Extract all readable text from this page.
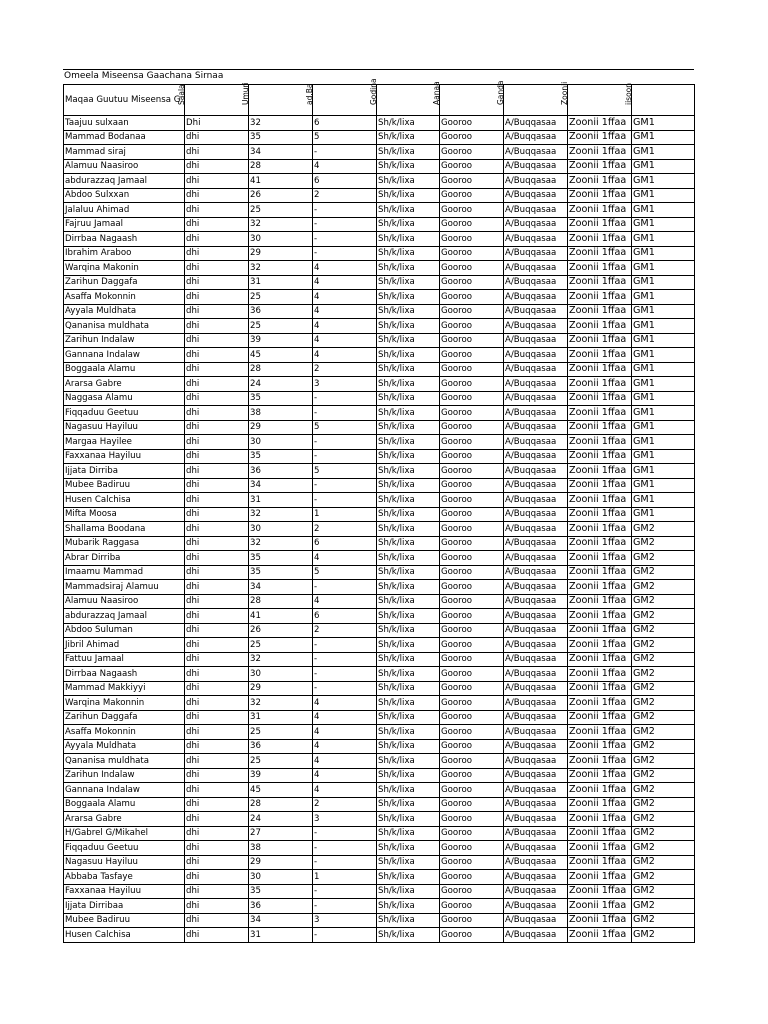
Omeela Miseensa Gaachana Sirnaa
Maqaa Guutuu Miseensa G	Saala	Umuri	ad.Ba	Godina	Aanaa	Ganda	Zoonii	iisoon

Taajuu sulxaan	Dhi	32	6	Sh/k/lixa	Gooroo	A/Buqqasaa	Zoonii 1ffaa	GM1
Mammad Bodanaa	dhi	35	5	Sh/k/lixa	Gooroo	A/Buqqasaa	Zoonii 1ffaa	GM1
Mammad siraj	dhi	34	-	Sh/k/lixa	Gooroo	A/Buqqasaa	Zoonii 1ffaa	GM1
Alamuu Naasiroo	dhi	28	4	Sh/k/lixa	Gooroo	A/Buqqasaa	Zoonii 1ffaa	GM1
abdurazzaq Jamaal	dhi	41	6	Sh/k/lixa	Gooroo	A/Buqqasaa	Zoonii 1ffaa	GM1
Abdoo Sulxxan	dhi	26	2	Sh/k/lixa	Gooroo	A/Buqqasaa	Zoonii 1ffaa	GM1
Jalaluu Ahimad	dhi	25	-	Sh/k/lixa	Gooroo	A/Buqqasaa	Zoonii 1ffaa	GM1
Fajruu Jamaal	dhi	32	-	Sh/k/lixa	Gooroo	A/Buqqasaa	Zoonii 1ffaa	GM1
Dirrbaa Nagaash	dhi	30	-	Sh/k/lixa	Gooroo	A/Buqqasaa	Zoonii 1ffaa	GM1
Ibrahim Araboo	dhi	29	-	Sh/k/lixa	Gooroo	A/Buqqasaa	Zoonii 1ffaa	GM1
Warqina Makonin	dhi	32	4	Sh/k/lixa	Gooroo	A/Buqqasaa	Zoonii 1ffaa	GM1
Zarihun Daggafa	dhi	31	4	Sh/k/lixa	Gooroo	A/Buqqasaa	Zoonii 1ffaa	GM1
Asaffa Mokonnin	dhi	25	4	Sh/k/lixa	Gooroo	A/Buqqasaa	Zoonii 1ffaa	GM1
Ayyala Muldhata	dhi	36	4	Sh/k/lixa	Gooroo	A/Buqqasaa	Zoonii 1ffaa	GM1
Qananisa muldhata	dhi	25	4	Sh/k/lixa	Gooroo	A/Buqqasaa	Zoonii 1ffaa	GM1
Zarihun Indalaw	dhi	39	4	Sh/k/lixa	Gooroo	A/Buqqasaa	Zoonii 1ffaa	GM1
Gannana Indalaw	dhi	45	4	Sh/k/lixa	Gooroo	A/Buqqasaa	Zoonii 1ffaa	GM1
Boggaala Alamu	dhi	28	2	Sh/k/lixa	Gooroo	A/Buqqasaa	Zoonii 1ffaa	GM1
Ararsa Gabre	dhi	24	3	Sh/k/lixa	Gooroo	A/Buqqasaa	Zoonii 1ffaa	GM1
Naggasa Alamu	dhi	35	-	Sh/k/lixa	Gooroo	A/Buqqasaa	Zoonii 1ffaa	GM1
Fiqqaduu Geetuu	dhi	38	-	Sh/k/lixa	Gooroo	A/Buqqasaa	Zoonii 1ffaa	GM1
Nagasuu Hayiluu	dhi	29	5	Sh/k/lixa	Gooroo	A/Buqqasaa	Zoonii 1ffaa	GM1
Margaa Hayilee	dhi	30	-	Sh/k/lixa	Gooroo	A/Buqqasaa	Zoonii 1ffaa	GM1
Faxxanaa Hayiluu	dhi	35	-	Sh/k/lixa	Gooroo	A/Buqqasaa	Zoonii 1ffaa	GM1
Ijjata Dirriba	dhi	36	5	Sh/k/lixa	Gooroo	A/Buqqasaa	Zoonii 1ffaa	GM1
Mubee Badiruu	dhi	34	-	Sh/k/lixa	Gooroo	A/Buqqasaa	Zoonii 1ffaa	GM1
Husen Calchisa	dhi	31	-	Sh/k/lixa	Gooroo	A/Buqqasaa	Zoonii 1ffaa	GM1
Mifta Moosa	dhi	32	1	Sh/k/lixa	Gooroo	A/Buqqasaa	Zoonii 1ffaa	GM1
Shallama Boodana	dhi	30	2	Sh/k/lixa	Gooroo	A/Buqqasaa	Zoonii 1ffaa	GM2
Mubarik Raggasa	dhi	32	6	Sh/k/lixa	Gooroo	A/Buqqasaa	Zoonii 1ffaa	GM2
Abrar Dirriba	dhi	35	4	Sh/k/lixa	Gooroo	A/Buqqasaa	Zoonii 1ffaa	GM2
Imaamu Mammad	dhi	35	5	Sh/k/lixa	Gooroo	A/Buqqasaa	Zoonii 1ffaa	GM2
Mammadsiraj Alamuu	dhi	34	-	Sh/k/lixa	Gooroo	A/Buqqasaa	Zoonii 1ffaa	GM2
Alamuu Naasiroo	dhi	28	4	Sh/k/lixa	Gooroo	A/Buqqasaa	Zoonii 1ffaa	GM2
abdurazzaq Jamaal	dhi	41	6	Sh/k/lixa	Gooroo	A/Buqqasaa	Zoonii 1ffaa	GM2
Abdoo Suluman	dhi	26	2	Sh/k/lixa	Gooroo	A/Buqqasaa	Zoonii 1ffaa	GM2
Jibril Ahimad	dhi	25	-	Sh/k/lixa	Gooroo	A/Buqqasaa	Zoonii 1ffaa	GM2
Fattuu Jamaal	dhi	32	-	Sh/k/lixa	Gooroo	A/Buqqasaa	Zoonii 1ffaa	GM2
Dirrbaa Nagaash	dhi	30	-	Sh/k/lixa	Gooroo	A/Buqqasaa	Zoonii 1ffaa	GM2
Mammad Makkiyyi	dhi	29	-	Sh/k/lixa	Gooroo	A/Buqqasaa	Zoonii 1ffaa	GM2
Warqina Makonnin	dhi	32	4	Sh/k/lixa	Gooroo	A/Buqqasaa	Zoonii 1ffaa	GM2
Zarihun Daggafa	dhi	31	4	Sh/k/lixa	Gooroo	A/Buqqasaa	Zoonii 1ffaa	GM2
Asaffa Mokonnin	dhi	25	4	Sh/k/lixa	Gooroo	A/Buqqasaa	Zoonii 1ffaa	GM2
Ayyala Muldhata	dhi	36	4	Sh/k/lixa	Gooroo	A/Buqqasaa	Zoonii 1ffaa	GM2
Qananisa muldhata	dhi	25	4	Sh/k/lixa	Gooroo	A/Buqqasaa	Zoonii 1ffaa	GM2
Zarihun Indalaw	dhi	39	4	Sh/k/lixa	Gooroo	A/Buqqasaa	Zoonii 1ffaa	GM2
Gannana Indalaw	dhi	45	4	Sh/k/lixa	Gooroo	A/Buqqasaa	Zoonii 1ffaa	GM2
Boggaala Alamu	dhi	28	2	Sh/k/lixa	Gooroo	A/Buqqasaa	Zoonii 1ffaa	GM2
Ararsa Gabre	dhi	24	3	Sh/k/lixa	Gooroo	A/Buqqasaa	Zoonii 1ffaa	GM2
H/Gabrel G/Mikahel	dhi	27	-	Sh/k/lixa	Gooroo	A/Buqqasaa	Zoonii 1ffaa	GM2
Fiqqaduu Geetuu	dhi	38	-	Sh/k/lixa	Gooroo	A/Buqqasaa	Zoonii 1ffaa	GM2
Nagasuu Hayiluu	dhi	29	-	Sh/k/lixa	Gooroo	A/Buqqasaa	Zoonii 1ffaa	GM2
Abbaba Tasfaye	dhi	30	1	Sh/k/lixa	Gooroo	A/Buqqasaa	Zoonii 1ffaa	GM2
Faxxanaa Hayiluu	dhi	35	-	Sh/k/lixa	Gooroo	A/Buqqasaa	Zoonii 1ffaa	GM2
Ijjata Dirribaa	dhi	36	-	Sh/k/lixa	Gooroo	A/Buqqasaa	Zoonii 1ffaa	GM2
Mubee Badiruu	dhi	34	3	Sh/k/lixa	Gooroo	A/Buqqasaa	Zoonii 1ffaa	GM2
Husen Calchisa	dhi	31	-	Sh/k/lixa	Gooroo	A/Buqqasaa	Zoonii 1ffaa	GM2
